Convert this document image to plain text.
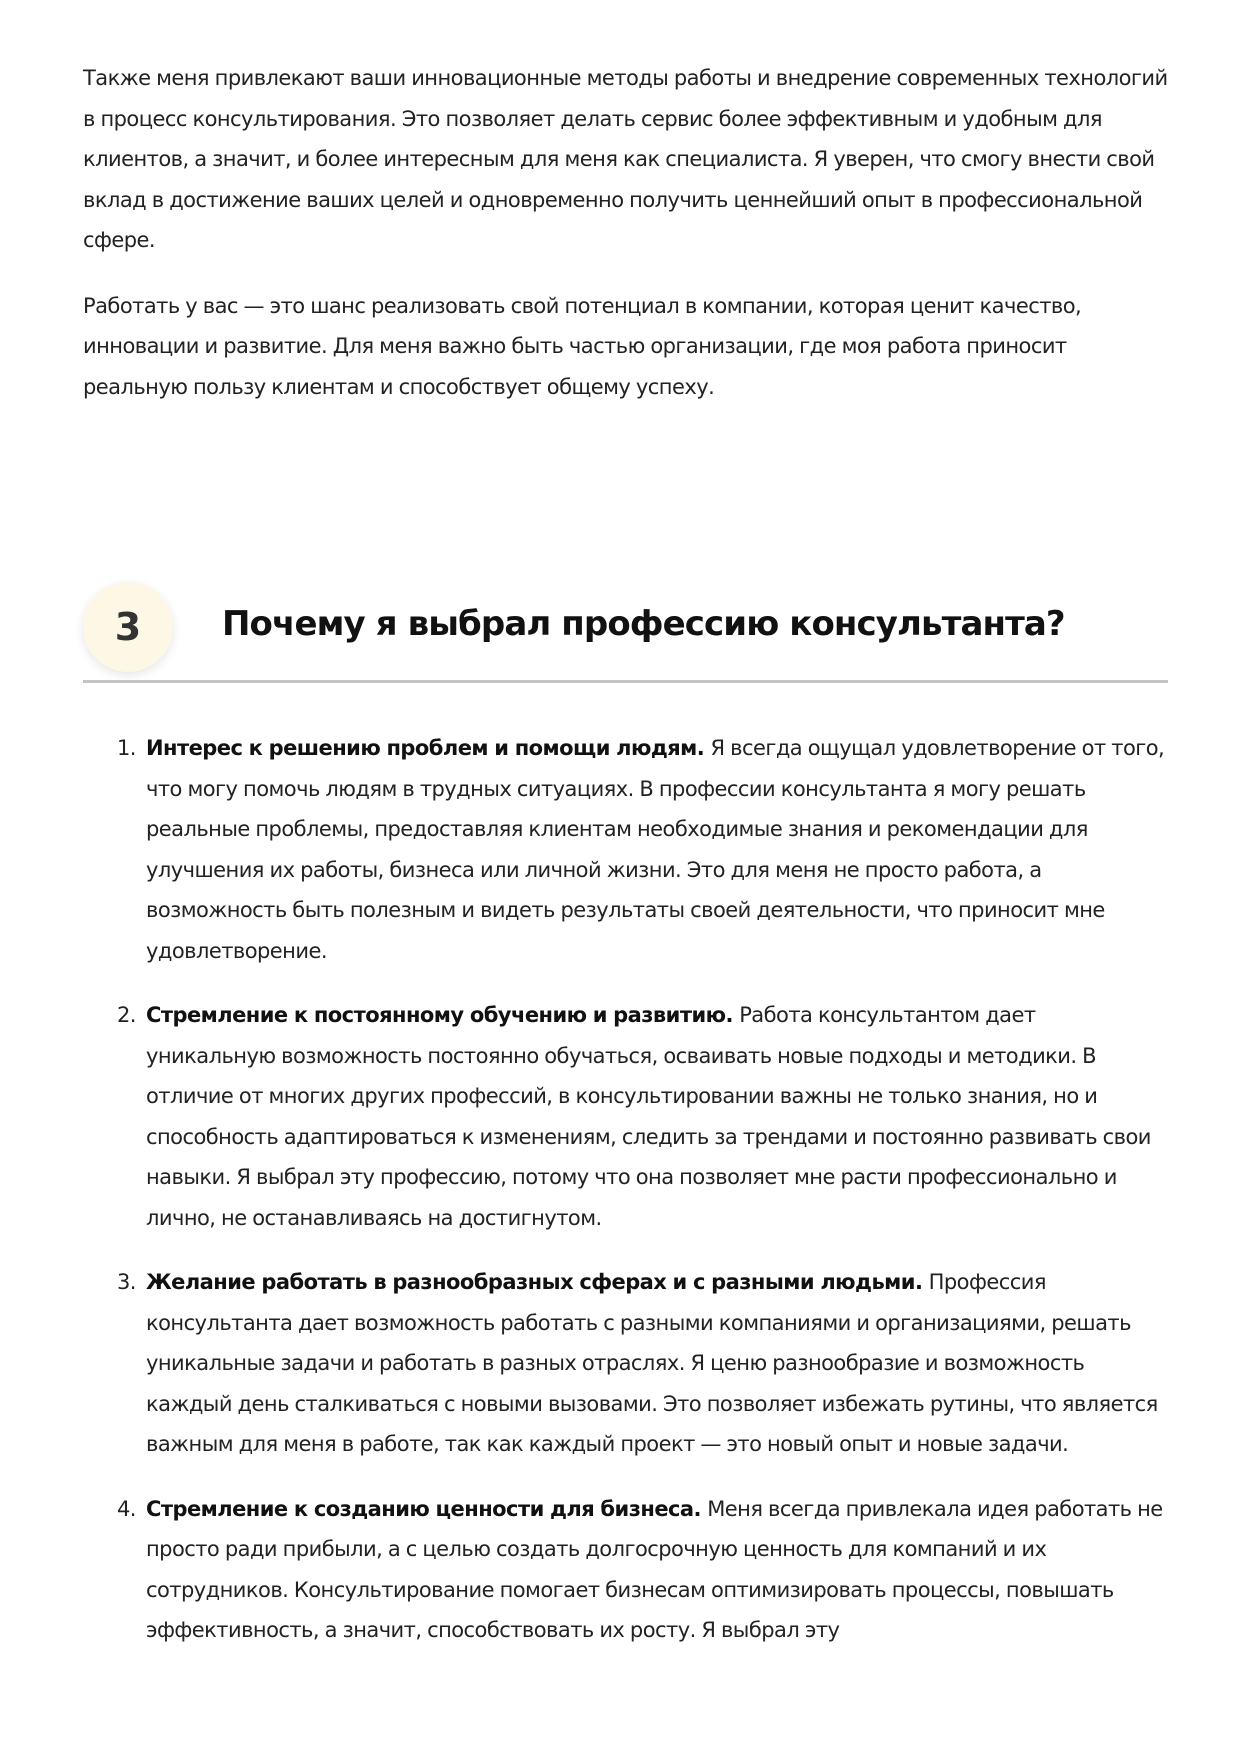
Также меня привлекают ваши инновационные методы работы и внедрение современных технологий в процесс консультирования. Это позволяет делать сервис более эффективным и удобным для клиентов, а значит, и более интересным для меня как специалиста. Я уверен, что смогу внести свой вклад в достижение ваших целей и одновременно получить ценнейший опыт в профессиональной сфере.

Работать у вас — это шанс реализовать свой потенциал в компании, которая ценит качество, инновации и развитие. Для меня важно быть частью организации, где моя работа приносит реальную пользу клиентам и способствует общему успеху.

3	Почему я выбрал профессию консультанта?
1. Интерес к решению проблем и помощи людям. Я всегда ощущал удовлетворение от того, что могу помочь людям в трудных ситуациях. В профессии консультанта я могу решать реальные проблемы, предоставляя клиентам необходимые знания и рекомендации для улучшения их работы, бизнеса или личной жизни. Это для меня не просто работа, а возможность быть полезным и видеть результаты своей деятельности, что приносит мне удовлетворение.
2. Стремление к постоянному обучению и развитию. Работа консультантом дает уникальную возможность постоянно обучаться, осваивать новые подходы и методики. В отличие от многих других профессий, в консультировании важны не только знания, но и способность адаптироваться к изменениям, следить за трендами и постоянно развивать свои навыки. Я выбрал эту профессию, потому что она позволяет мне расти профессионально и лично, не останавливаясь на достигнутом.
3. Желание работать в разнообразных сферах и с разными людьми. Профессия консультанта дает возможность работать с разными компаниями и организациями, решать уникальные задачи и работать в разных отраслях. Я ценю разнообразие и возможность каждый день сталкиваться с новыми вызовами. Это позволяет избежать рутины, что является важным для меня в работе, так как каждый проект — это новый опыт и новые задачи.
4. Стремление к созданию ценности для бизнеса. Меня всегда привлекала идея работать не просто ради прибыли, а с целью создать долгосрочную ценность для компаний и их сотрудников. Консультирование помогает бизнесам оптимизировать процессы, повышать эффективность, а значит, способствовать их росту. Я выбрал эту
